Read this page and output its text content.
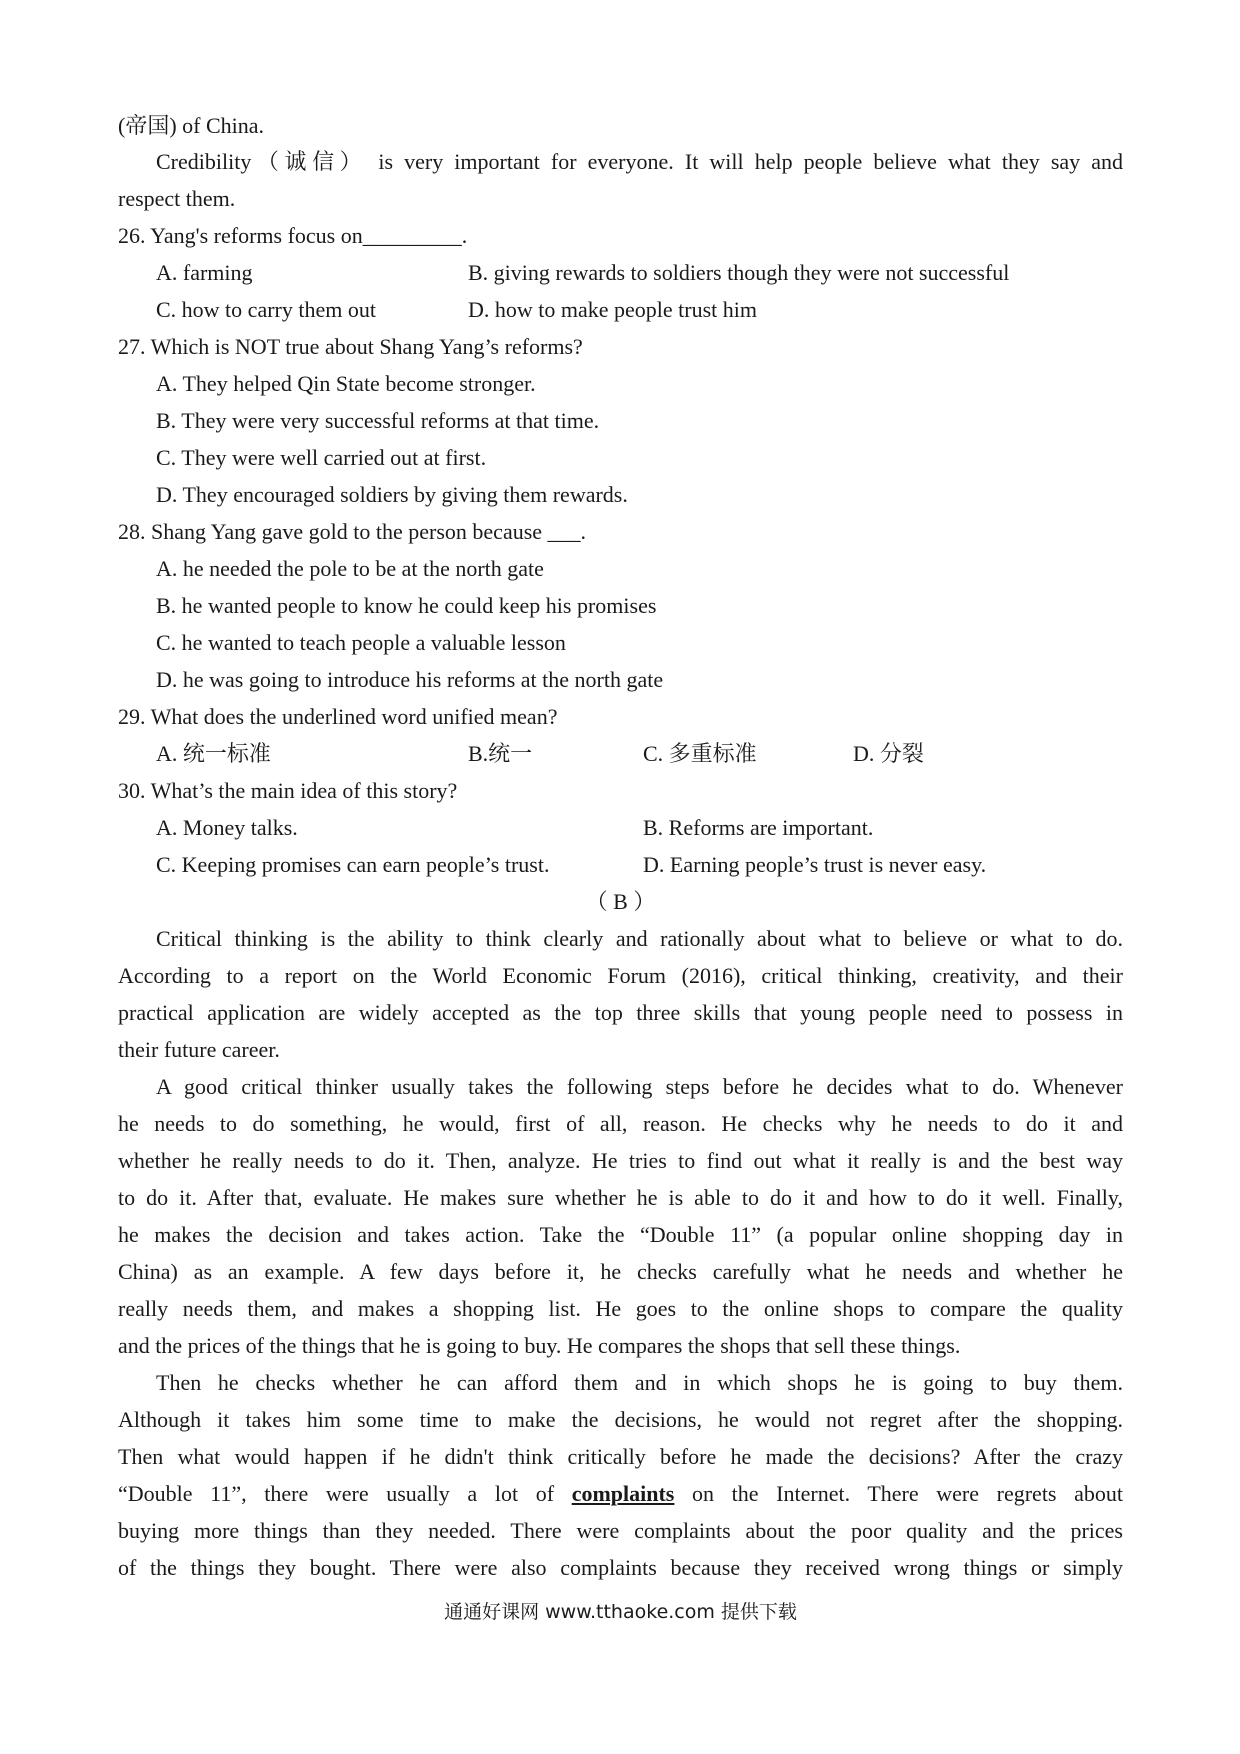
(帝国) of China.
Credibility（诚信） is very important for everyone. It will help people believe what they say and
respect them.
26. Yang's reforms focus on_________.
A. farming	B. giving rewards to soldiers though they were not successful
C. how to carry them out	D. how to make people trust him
27. Which is NOT true about Shang Yang’s reforms?
A. They helped Qin State become stronger.
B. They were very successful reforms at that time.
C. They were well carried out at first.
D. They encouraged soldiers by giving them rewards.
28. Shang Yang gave gold to the person because ___.
A. he needed the pole to be at the north gate
B. he wanted people to know he could keep his promises
C. he wanted to teach people a valuable lesson
D. he was going to introduce his reforms at the north gate
29. What does the underlined word unified mean?
A. 统一标准	B.统一	C. 多重标准	D. 分裂
30. What’s the main idea of this story?
A. Money talks.	B. Reforms are important.
C. Keeping promises can earn people’s trust.	D. Earning people’s trust is never easy.
（ B ）
Critical thinking is the ability to think clearly and rationally about what to believe or what to do.
According to a report on the World Economic Forum (2016), critical thinking, creativity, and their
practical application are widely accepted as the top three skills that young people need to possess in
their future career.
A good critical thinker usually takes the following steps before he decides what to do. Whenever
he needs to do something, he would, first of all, reason. He checks why he needs to do it and
whether he really needs to do it. Then, analyze. He tries to find out what it really is and the best way
to do it. After that, evaluate. He makes sure whether he is able to do it and how to do it well. Finally,
he makes the decision and takes action. Take the “Double 11” (a popular online shopping day in
China) as an example. A few days before it, he checks carefully what he needs and whether he
really needs them, and makes a shopping list. He goes to the online shops to compare the quality
and the prices of the things that he is going to buy. He compares the shops that sell these things.
Then he checks whether he can afford them and in which shops he is going to buy them.
Although it takes him some time to make the decisions, he would not regret after the shopping.
Then what would happen if he didn't think critically before he made the decisions? After the crazy
“Double 11”, there were usually a lot of complaints on the Internet. There were regrets about
buying more things than they needed. There were complaints about the poor quality and the prices
of the things they bought. There were also complaints because they received wrong things or simply
通通好课网 www.tthaoke.com 提供下载
